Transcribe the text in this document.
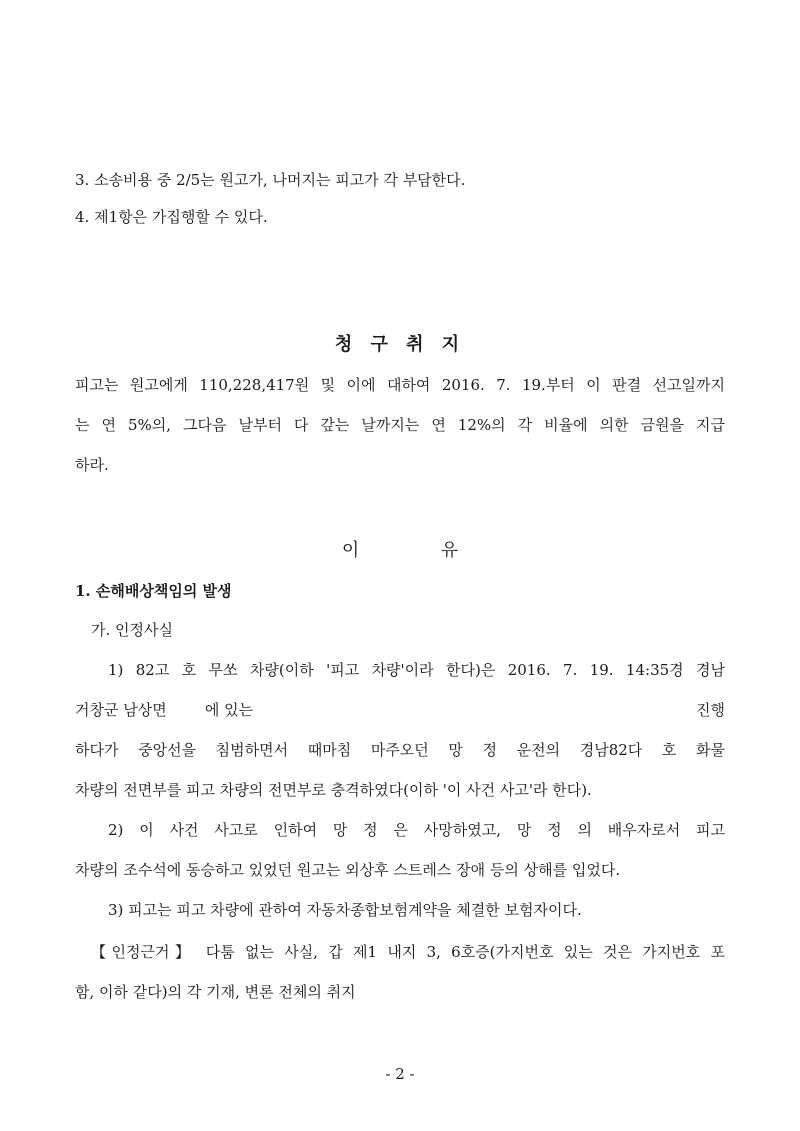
3. 소송비용 중 2/5는 원고가, 나머지는 피고가 각 부담한다.
4. 제1항은 가집행할 수 있다.
청 구 취 지
피고는 원고에게 110,228,417원 및 이에 대하여 2016. 7. 19.부터 이 판결 선고일까지
는 연 5%의, 그다음 날부터 다 갚는 날까지는 연 12%의 각 비율에 의한 금원을 지급
하라.
이	유
1. 손해배상책임의 발생
가. 인정사실
1) 82고 호 무쏘 차량(이하 '피고 차량'이라 한다)은 2016. 7. 19. 14:35경 경남
거창군 남상면        에 있는	진행
하다가 중앙선을 침범하면서 때마침 마주오던 망 정 운전의 경남82다 호 화물
차량의 전면부를 피고 차량의 전면부로 충격하였다(이하 '이 사건 사고'라 한다).
2) 이 사건 사고로 인하여 망 정 은 사망하였고, 망 정 의 배우자로서 피고
차량의 조수석에 동승하고 있었던 원고는 외상후 스트레스 장애 등의 상해를 입었다.
3) 피고는 피고 차량에 관하여 자동차종합보험계약을 체결한 보험자이다.
【인정근거】 다툼 없는 사실, 갑 제1 내지 3, 6호증(가지번호 있는 것은 가지번호 포
함, 이하 같다)의 각 기재, 변론 전체의 취지
- 2 -
